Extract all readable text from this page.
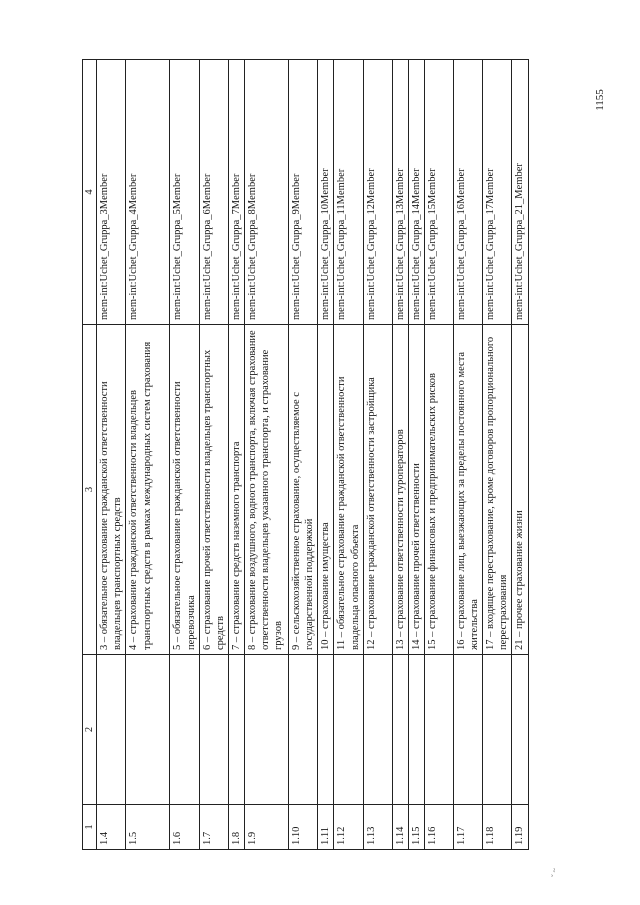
1155
˘ ~
1	2	3	4
1.4		3 – обязательное страхование гражданской ответственности владельцев транспортных средств	mem-int:Uchet_Gruppa_3Member
1.5		4 – страхование гражданской ответственности владельцев транспортных средств в рамках международных систем страхования	mem-int:Uchet_Gruppa_4Member
1.6		5 – обязательное страхование гражданской ответственности перевозчика	mem-int:Uchet_Gruppa_5Member
1.7		6 – страхование прочей ответственности владельцев транспортных средств	mem-int:Uchet_Gruppa_6Member
1.8		7 – страхование средств наземного транспорта	mem-int:Uchet_Gruppa_7Member
1.9		8 – страхование воздушного, водного транспорта, включая страхование ответственности владельцев указанного транспорта, и страхование грузов	mem-int:Uchet_Gruppa_8Member
1.10		9 – сельскохозяйственное страхование, осуществляемое с государственной поддержкой	mem-int:Uchet_Gruppa_9Member
1.11		10 – страхование имущества	mem-int:Uchet_Gruppa_10Member
1.12		11 – обязательное страхование гражданской ответственности владельца опасного объекта	mem-int:Uchet_Gruppa_11Member
1.13		12 – страхование гражданской ответственности застройщика	mem-int:Uchet_Gruppa_12Member
1.14		13 – страхование ответственности туроператоров	mem-int:Uchet_Gruppa_13Member
1.15		14 – страхование прочей ответственности	mem-int:Uchet_Gruppa_14Member
1.16		15 – страхование финансовых и предпринимательских рисков	mem-int:Uchet_Gruppa_15Member
1.17		16 – страхование лиц, выезжающих за пределы постоянного места жительства	mem-int:Uchet_Gruppa_16Member
1.18		17 – входящее перестрахование, кроме договоров пропорционального перестрахования	mem-int:Uchet_Gruppa_17Member
1.19		21 – прочее страхование жизни	mem-int:Uchet_Gruppa_21_Member
